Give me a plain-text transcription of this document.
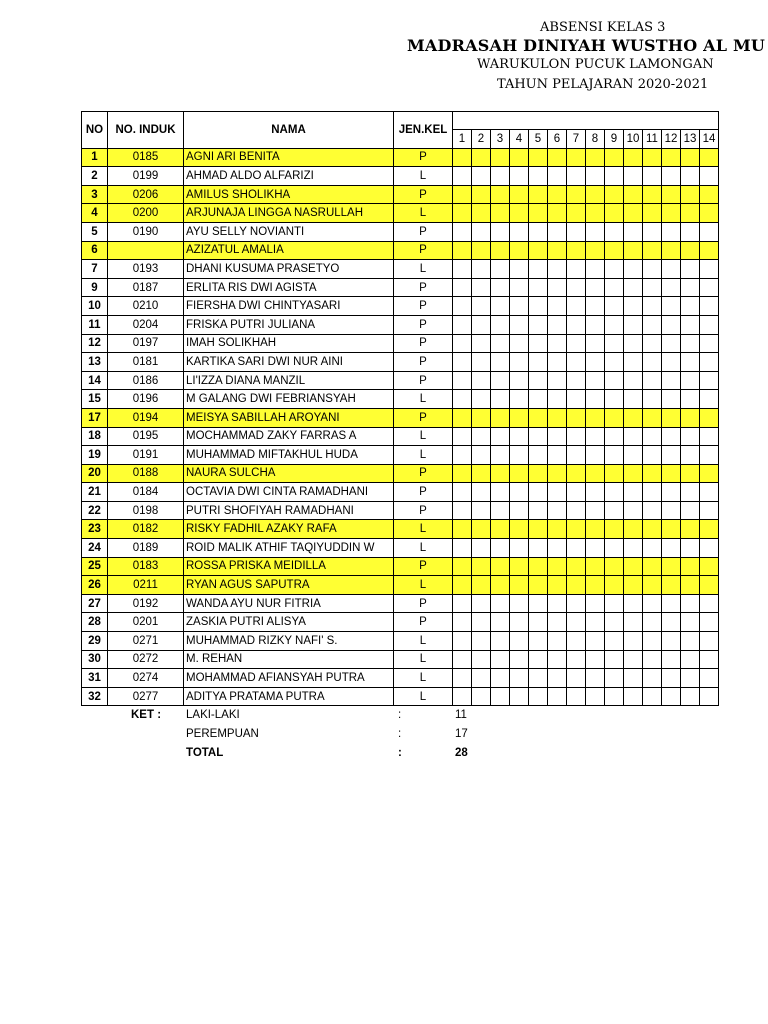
ABSENSI KELAS 3
MADRASAH DINIYAH WUSTHO AL MU
WARUKULON PUCUK LAMONGAN
TAHUN PELAJARAN 2020-2021
NO	NO. INDUK	NAMA	JEN.KEL														
				1	2	3	4	5	6	7	8	9	10	11	12	13	14
1	0185	AGNI ARI BENITA	P														
2	0199	AHMAD ALDO ALFARIZI	L														
3	0206	AMILUS SHOLIKHA	P														
4	0200	ARJUNAJA LINGGA NASRULLAH	L														
5	0190	AYU SELLY NOVIANTI	P														
6		AZIZATUL AMALIA	P														
7	0193	DHANI KUSUMA PRASETYO	L														
9	0187	ERLITA RIS DWI AGISTA	P														
10	0210	FIERSHA DWI CHINTYASARI	P														
11	0204	FRISKA PUTRI JULIANA	P														
12	0197	IMAH SOLIKHAH	P														
13	0181	KARTIKA SARI DWI NUR AINI	P														
14	0186	LI'IZZA DIANA MANZIL	P														
15	0196	M GALANG DWI FEBRIANSYAH	L														
17	0194	MEISYA SABILLAH AROYANI	P														
18	0195	MOCHAMMAD ZAKY FARRAS A	L														
19	0191	MUHAMMAD MIFTAKHUL HUDA	L														
20	0188	NAURA SULCHA	P														
21	0184	OCTAVIA DWI CINTA RAMADHANI	P														
22	0198	PUTRI SHOFIYAH RAMADHANI	P														
23	0182	RISKY FADHIL AZAKY RAFA	L														
24	0189	ROID MALIK ATHIF TAQIYUDDIN W	L														
25	0183	ROSSA PRISKA MEIDILLA	P														
26	0211	RYAN AGUS SAPUTRA	L														
27	0192	WANDA AYU NUR FITRIA	P														
28	0201	ZASKIA PUTRI ALISYA	P														
29	0271	MUHAMMAD RIZKY NAFI' S.	L														
30	0272	M. REHAN	L														
31	0274	MOHAMMAD AFIANSYAH PUTRA	L														
32	0277	ADITYA PRATAMA PUTRA	L														
KET : LAKI-LAKI	:	11
PEREMPUAN	:	17
TOTAL	:	28
